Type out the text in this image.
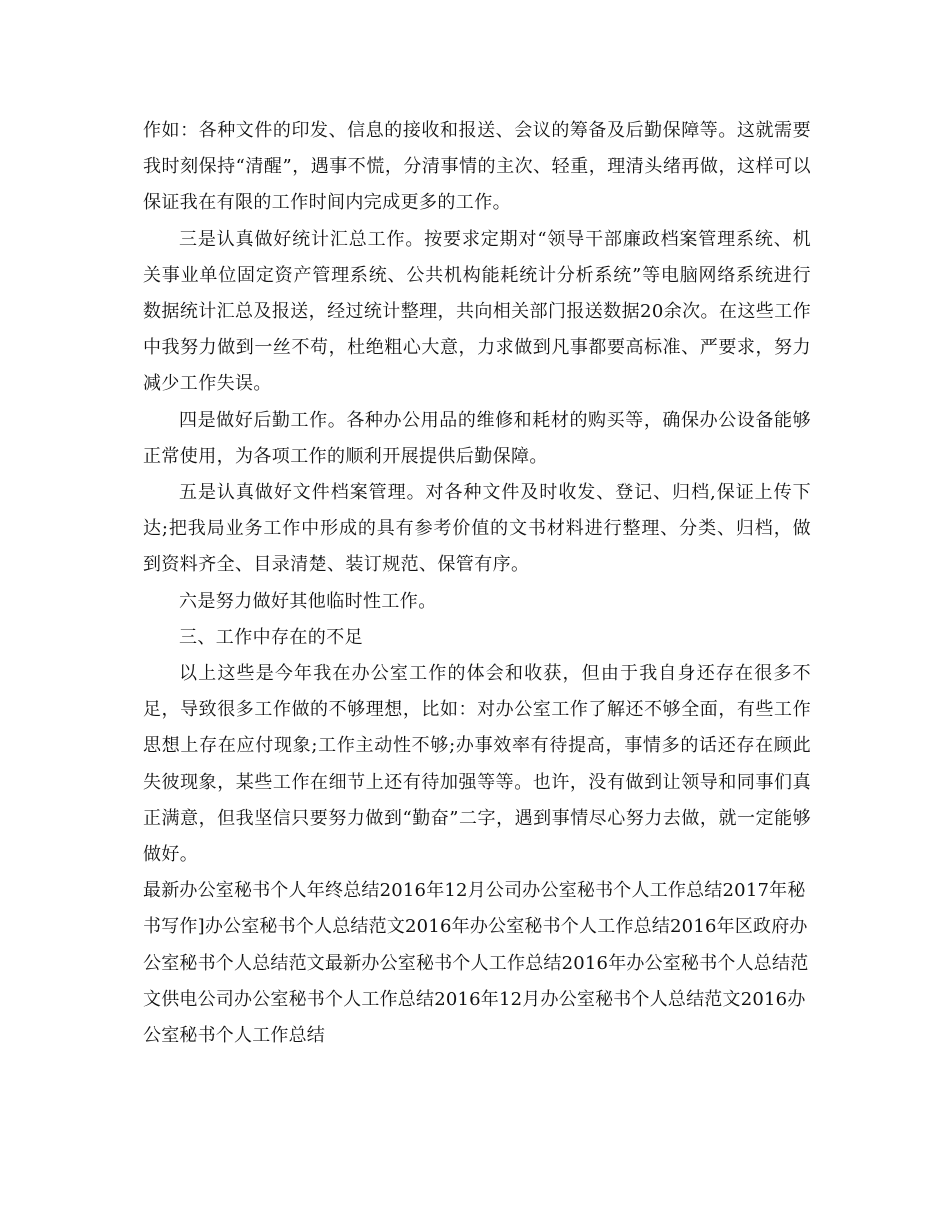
作如：各种文件的印发、信息的接收和报送、会议的筹备及后勤保障等。这就需要我时刻保持“清醒”，遇事不慌，分清事情的主次、轻重，理清头绪再做，这样可以保证我在有限的工作时间内完成更多的工作。

三是认真做好统计汇总工作。按要求定期对“领导干部廉政档案管理系统、机关事业单位固定资产管理系统、公共机构能耗统计分析系统”等电脑网络系统进行数据统计汇总及报送，经过统计整理，共向相关部门报送数据20余次。在这些工作中我努力做到一丝不苟，杜绝粗心大意，力求做到凡事都要高标准、严要求，努力减少工作失误。

四是做好后勤工作。各种办公用品的维修和耗材的购买等，确保办公设备能够正常使用，为各项工作的顺利开展提供后勤保障。

五是认真做好文件档案管理。对各种文件及时收发、登记、归档,保证上传下达;把我局业务工作中形成的具有参考价值的文书材料进行整理、分类、归档，做到资料齐全、目录清楚、装订规范、保管有序。

六是努力做好其他临时性工作。

三、工作中存在的不足

以上这些是今年我在办公室工作的体会和收获，但由于我自身还存在很多不足，导致很多工作做的不够理想，比如：对办公室工作了解还不够全面，有些工作思想上存在应付现象;工作主动性不够;办事效率有待提高，事情多的话还存在顾此失彼现象，某些工作在细节上还有待加强等等。也许，没有做到让领导和同事们真正满意，但我坚信只要努力做到“勤奋”二字，遇到事情尽心努力去做，就一定能够做好。

最新办公室秘书个人年终总结2016年12月公司办公室秘书个人工作总结2017年秘书写作]办公室秘书个人总结范文2016年办公室秘书个人工作总结2016年区政府办公室秘书个人总结范文最新办公室秘书个人工作总结2016年办公室秘书个人总结范文供电公司办公室秘书个人工作总结2016年12月办公室秘书个人总结范文2016办公室秘书个人工作总结
